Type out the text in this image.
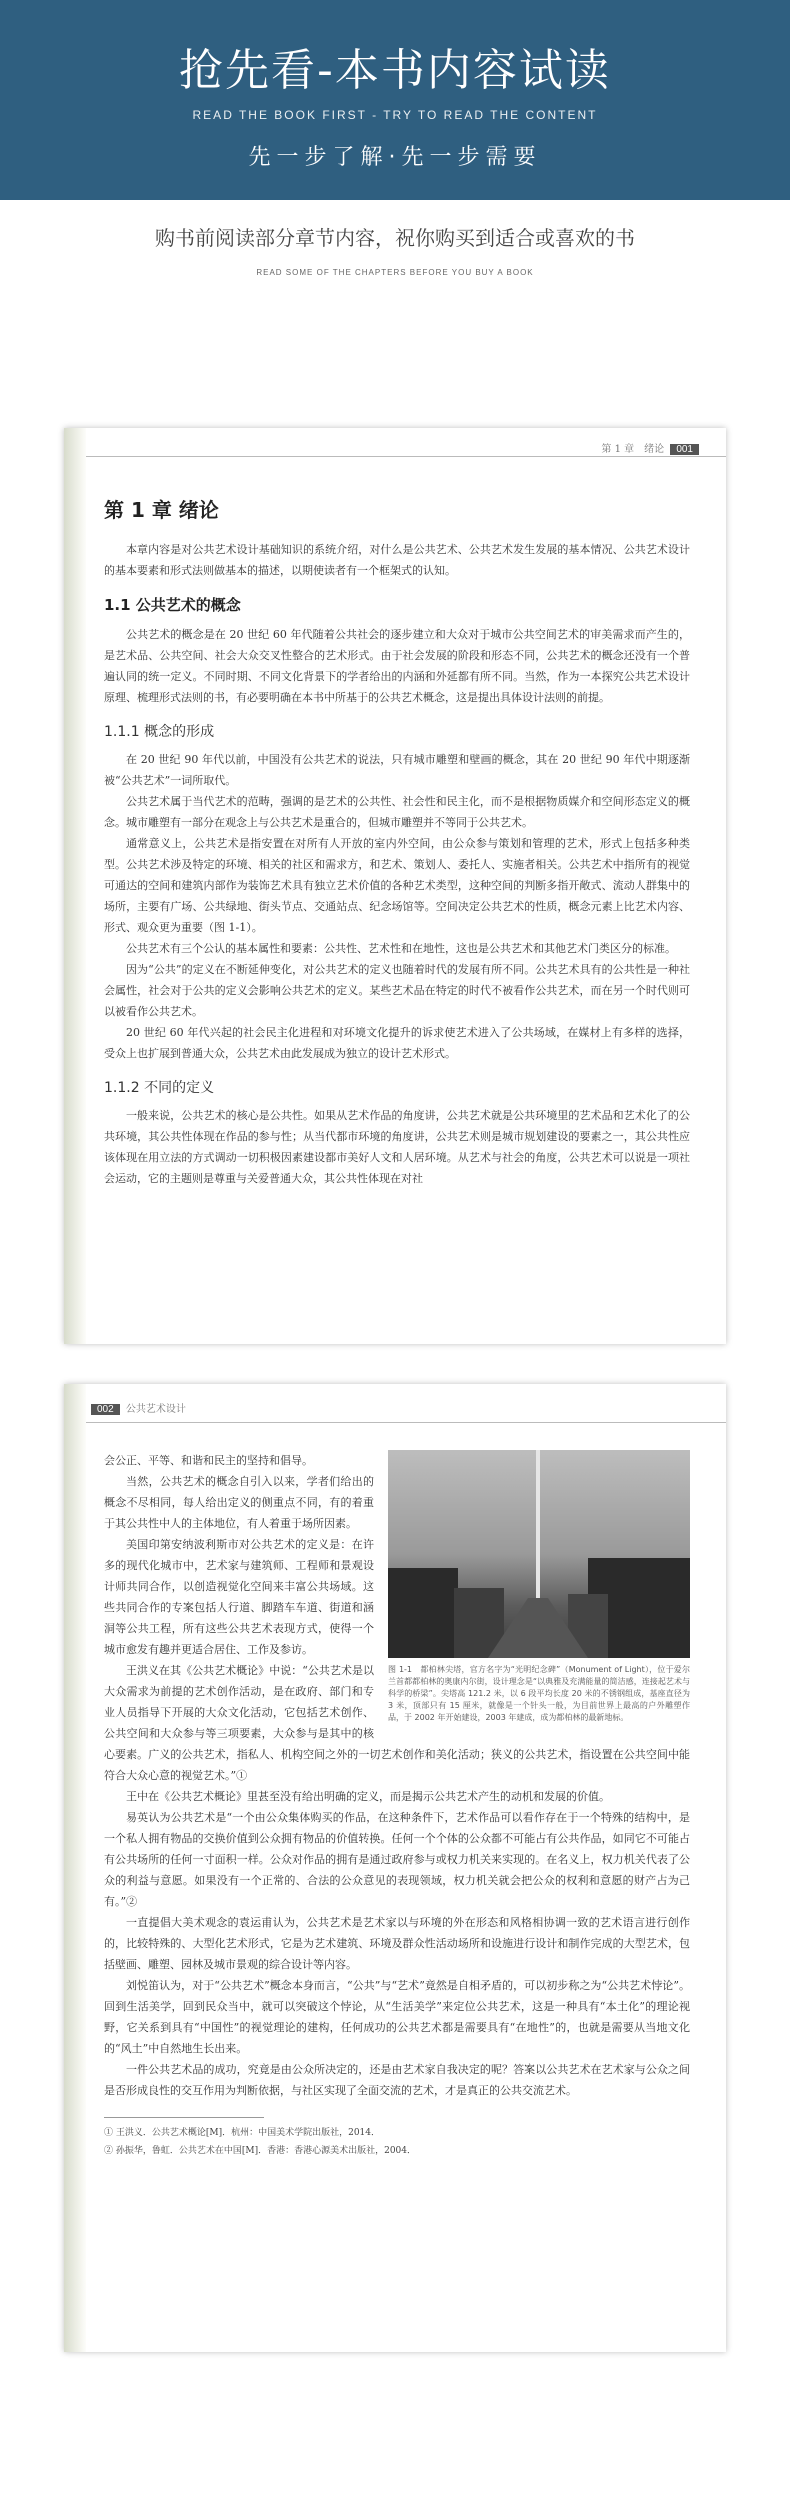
抢先看-本书内容试读
READ THE BOOK FIRST - TRY TO READ THE CONTENT
先一步了解·先一步需要
购书前阅读部分章节内容，祝你购买到适合或喜欢的书
READ SOME OF THE CHAPTERS BEFORE YOU BUY A BOOK
第 1 章　绪论 001
第 1 章 绪论

本章内容是对公共艺术设计基础知识的系统介绍，对什么是公共艺术、公共艺术发生发展的基本情况、公共艺术设计的基本要素和形式法则做基本的描述，以期使读者有一个框架式的认知。

1.1 公共艺术的概念

公共艺术的概念是在 20 世纪 60 年代随着公共社会的逐步建立和大众对于城市公共空间艺术的审美需求而产生的，是艺术品、公共空间、社会大众交叉性整合的艺术形式。由于社会发展的阶段和形态不同，公共艺术的概念还没有一个普遍认同的统一定义。不同时期、不同文化背景下的学者给出的内涵和外延都有所不同。当然，作为一本探究公共艺术设计原理、梳理形式法则的书，有必要明确在本书中所基于的公共艺术概念，这是提出具体设计法则的前提。

1.1.1 概念的形成

在 20 世纪 90 年代以前，中国没有公共艺术的说法，只有城市雕塑和壁画的概念，其在 20 世纪 90 年代中期逐渐被“公共艺术”一词所取代。

公共艺术属于当代艺术的范畴，强调的是艺术的公共性、社会性和民主化，而不是根据物质媒介和空间形态定义的概念。城市雕塑有一部分在观念上与公共艺术是重合的，但城市雕塑并不等同于公共艺术。

通常意义上，公共艺术是指安置在对所有人开放的室内外空间，由公众参与策划和管理的艺术，形式上包括多种类型。公共艺术涉及特定的环境、相关的社区和需求方，和艺术、策划人、委托人、实施者相关。公共艺术中指所有的视觉可通达的空间和建筑内部作为装饰艺术具有独立艺术价值的各种艺术类型，这种空间的判断多指开敞式、流动人群集中的场所，主要有广场、公共绿地、街头节点、交通站点、纪念场馆等。空间决定公共艺术的性质，概念元素上比艺术内容、形式、观众更为重要（图 1-1）。

公共艺术有三个公认的基本属性和要素：公共性、艺术性和在地性，这也是公共艺术和其他艺术门类区分的标准。

因为“公共”的定义在不断延伸变化，对公共艺术的定义也随着时代的发展有所不同。公共艺术具有的公共性是一种社会属性，社会对于公共的定义会影响公共艺术的定义。某些艺术品在特定的时代不被看作公共艺术，而在另一个时代则可以被看作公共艺术。

20 世纪 60 年代兴起的社会民主化进程和对环境文化提升的诉求使艺术进入了公共场域，在媒材上有多样的选择，受众上也扩展到普通大众，公共艺术由此发展成为独立的设计艺术形式。

1.1.2 不同的定义

一般来说，公共艺术的核心是公共性。如果从艺术作品的角度讲，公共艺术就是公共环境里的艺术品和艺术化了的公共环境，其公共性体现在作品的参与性；从当代都市环境的角度讲，公共艺术则是城市规划建设的要素之一，其公共性应该体现在用立法的方式调动一切积极因素建设都市美好人文和人居环境。从艺术与社会的角度，公共艺术可以说是一项社会运动，它的主题则是尊重与关爱普通大众，其公共性体现在对社

002 公共艺术设计
图 1-1　都柏林尖塔，官方名字为“光明纪念碑”（Monument of Light），位于爱尔兰首都都柏林的奥康内尔街，设计理念是“以典雅及充满能量的简洁感，连接起艺术与科学的桥梁”。尖塔高 121.2 米，以 6 段平均长度 20 米的不锈钢组成，基座直径为 3 米，顶部只有 15 厘米，就像是一个针头一般，为目前世界上最高的户外雕塑作品，于 2002 年开始建设，2003 年建成，成为都柏林的最新地标。

会公正、平等、和谐和民主的坚持和倡导。

当然，公共艺术的概念自引入以来，学者们给出的概念不尽相同，每人给出定义的侧重点不同，有的着重于其公共性中人的主体地位，有人着重于场所因素。

美国印第安纳波利斯市对公共艺术的定义是：在许多的现代化城市中，艺术家与建筑师、工程师和景观设计师共同合作，以创造视觉化空间来丰富公共场域。这些共同合作的专案包括人行道、脚踏车车道、街道和涵洞等公共工程，所有这些公共艺术表现方式，使得一个城市愈发有趣并更适合居住、工作及参访。

王洪义在其《公共艺术概论》中说：“公共艺术是以大众需求为前提的艺术创作活动，是在政府、部门和专业人员指导下开展的大众文化活动，它包括艺术创作、公共空间和大众参与等三项要素，大众参与是其中的核心要素。广义的公共艺术，指私人、机构空间之外的一切艺术创作和美化活动；狭义的公共艺术，指设置在公共空间中能符合大众心意的视觉艺术。”①

王中在《公共艺术概论》里甚至没有给出明确的定义，而是揭示公共艺术产生的动机和发展的价值。

易英认为公共艺术是“一个由公众集体购买的作品，在这种条件下，艺术作品可以看作存在于一个特殊的结构中，是一个私人拥有物品的交换价值到公众拥有物品的价值转换。任何一个个体的公众都不可能占有公共作品，如同它不可能占有公共场所的任何一寸面积一样。公众对作品的拥有是通过政府参与或权力机关来实现的。在名义上，权力机关代表了公众的利益与意愿。如果没有一个正常的、合法的公众意见的表现领域，权力机关就会把公众的权利和意愿的财产占为己有。”②

一直提倡大美术观念的袁运甫认为，公共艺术是艺术家以与环境的外在形态和风格相协调一致的艺术语言进行创作的，比较特殊的、大型化艺术形式，它是为艺术建筑、环境及群众性活动场所和设施进行设计和制作完成的大型艺术，包括壁画、雕塑、园林及城市景观的综合设计等内容。

刘悦笛认为，对于“公共艺术”概念本身而言，“公共”与“艺术”竟然是自相矛盾的，可以初步称之为“公共艺术悖论”。回到生活美学，回到民众当中，就可以突破这个悖论，从“生活美学”来定位公共艺术，这是一种具有“本土化”的理论视野，它关系到具有“中国性”的视觉理论的建构，任何成功的公共艺术都是需要具有“在地性”的，也就是需要从当地文化的“风土”中自然地生长出来。

一件公共艺术品的成功，究竟是由公众所决定的，还是由艺术家自我决定的呢？答案以公共艺术在艺术家与公众之间是否形成良性的交互作用为判断依据，与社区实现了全面交流的艺术，才是真正的公共交流艺术。

① 王洪义．公共艺术概论[M]．杭州：中国美术学院出版社，2014．

② 孙振华，鲁虹．公共艺术在中国[M]．香港：香港心源美术出版社，2004．
